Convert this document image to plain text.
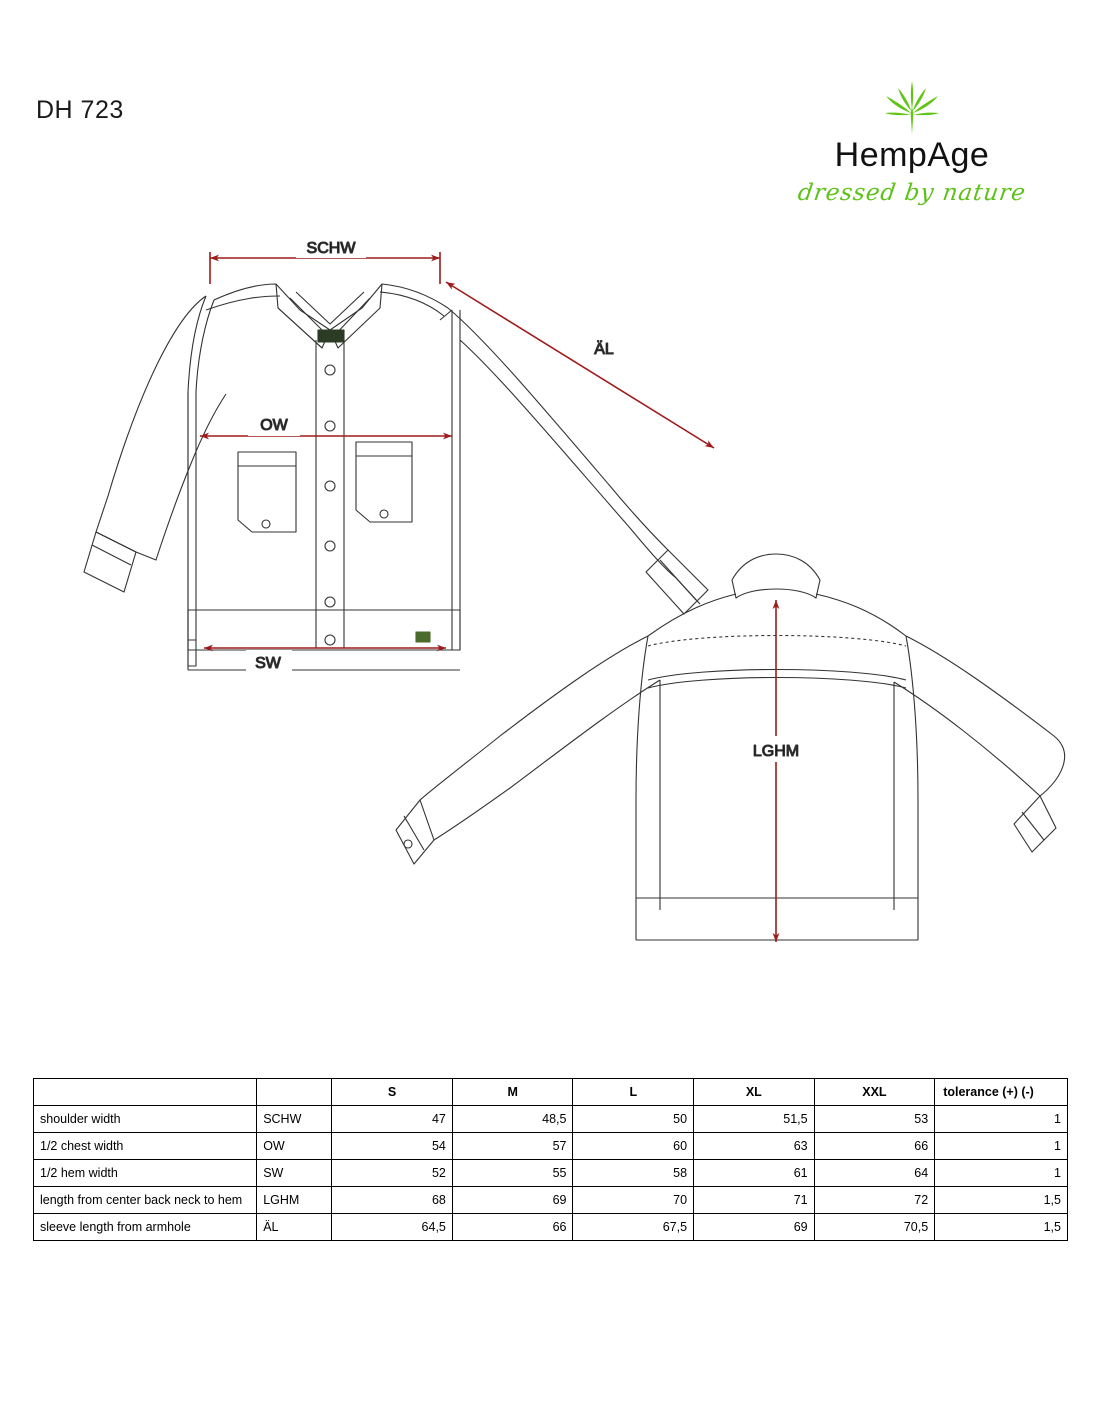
DH 723
HempAge
dressed by nature
SCHW
OW
SW
ÄL
LGHM
		S	M	L	XL	XXL	tolerance (+) (-)
shoulder width	SCHW	47	48,5	50	51,5	53	1
1/2 chest width	OW	54	57	60	63	66	1
1/2 hem width	SW	52	55	58	61	64	1
length from center back neck to hem	LGHM	68	69	70	71	72	1,5
sleeve length from armhole	ÄL	64,5	66	67,5	69	70,5	1,5
